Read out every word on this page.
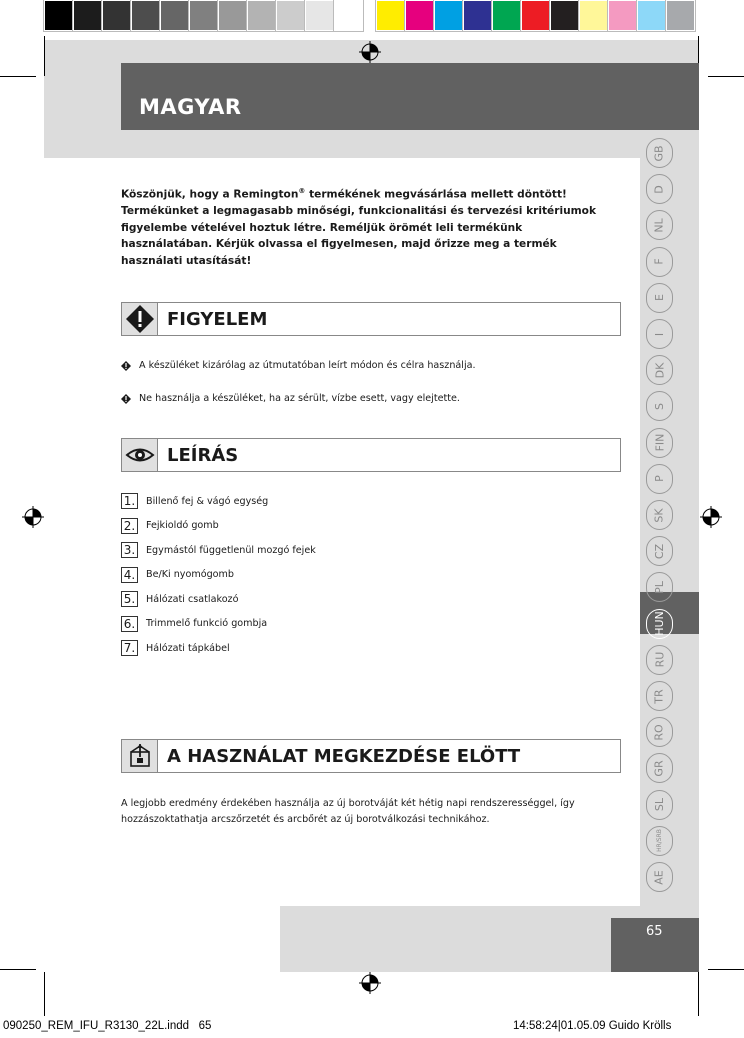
MAGYAR
GB
D
NL
F
E
I
DK
S
FIN
P
SK
CZ
PL
HUN
RU
TR
RO
GR
SL
HR/SRB
AE
Köszönjük, hogy a Remington® termékének megvásárlása mellett döntött! Termékünket a legmagasabb minőségi, funkcionalitási és tervezési kritériumok figyelembe vételével hoztuk létre. Reméljük örömét leli termékünk használatában. Kérjük olvassa el figyelmesen, majd őrizze meg a termék használati utasítását!
FIGYELEM
A készüléket kizárólag az útmutatóban leírt módon és célra használja.
Ne használja a készüléket, ha az sérült, vízbe esett, vagy elejtette.
LEÍRÁS
1. Billenő fej & vágó egység
2. Fejkioldó gomb
3. Egymástól függetlenül mozgó fejek
4. Be/Ki nyomógomb
5. Hálózati csatlakozó
6. Trimmelő funkció gombja
7. Hálózati tápkábel
A HASZNÁLAT MEGKEZDÉSE ELÖTT
A legjobb eredmény érdekében használja az új borotváját két hétig napi rendszerességgel, így hozzászoktathatja arcszőrzetét és arcbőrét az új borotválkozási technikához.
65
090250_REM_IFU_R3130_22L.indd   65	14:58:24|01.05.09 Guido Krölls
